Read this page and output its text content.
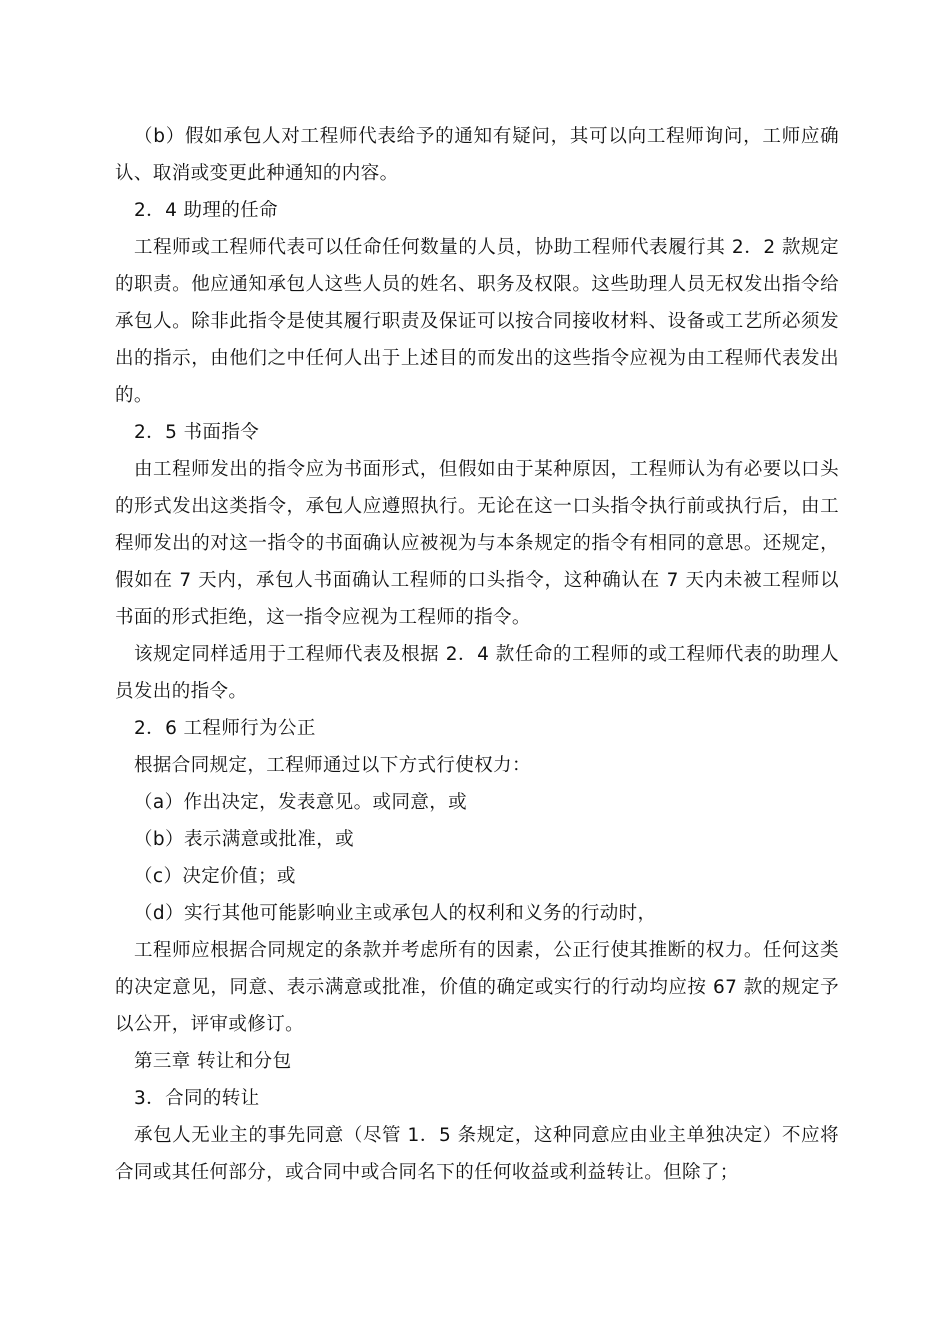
（b）假如承包人对工程师代表给予的通知有疑问，其可以向工程师询问，工师应确认、取消或变更此种通知的内容。

2．4 助理的任命

工程师或工程师代表可以任命任何数量的人员，协助工程师代表履行其 2．2 款规定的职责。他应通知承包人这些人员的姓名、职务及权限。这些助理人员无权发出指令给承包人。除非此指令是使其履行职责及保证可以按合同接收材料、设备或工艺所必须发出的指示，由他们之中任何人出于上述目的而发出的这些指令应视为由工程师代表发出的。

2．5 书面指令

由工程师发出的指令应为书面形式，但假如由于某种原因，工程师认为有必要以口头的形式发出这类指令，承包人应遵照执行。无论在这一口头指令执行前或执行后，由工程师发出的对这一指令的书面确认应被视为与本条规定的指令有相同的意思。还规定，假如在 7 天内，承包人书面确认工程师的口头指令，这种确认在 7 天内未被工程师以书面的形式拒绝，这一指令应视为工程师的指令。

该规定同样适用于工程师代表及根据 2．4 款任命的工程师的或工程师代表的助理人员发出的指令。

2．6 工程师行为公正

根据合同规定，工程师通过以下方式行使权力：

（a）作出决定，发表意见。或同意，或

（b）表示满意或批准，或

（c）决定价值；或

（d）实行其他可能影响业主或承包人的权利和义务的行动时，

工程师应根据合同规定的条款并考虑所有的因素，公正行使其推断的权力。任何这类的决定意见，同意、表示满意或批准，价值的确定或实行的行动均应按 67 款的规定予以公开，评审或修订。

第三章 转让和分包

3．合同的转让

承包人无业主的事先同意（尽管 1．5 条规定，这种同意应由业主单独决定）不应将合同或其任何部分，或合同中或合同名下的任何收益或利益转让。但除了；
